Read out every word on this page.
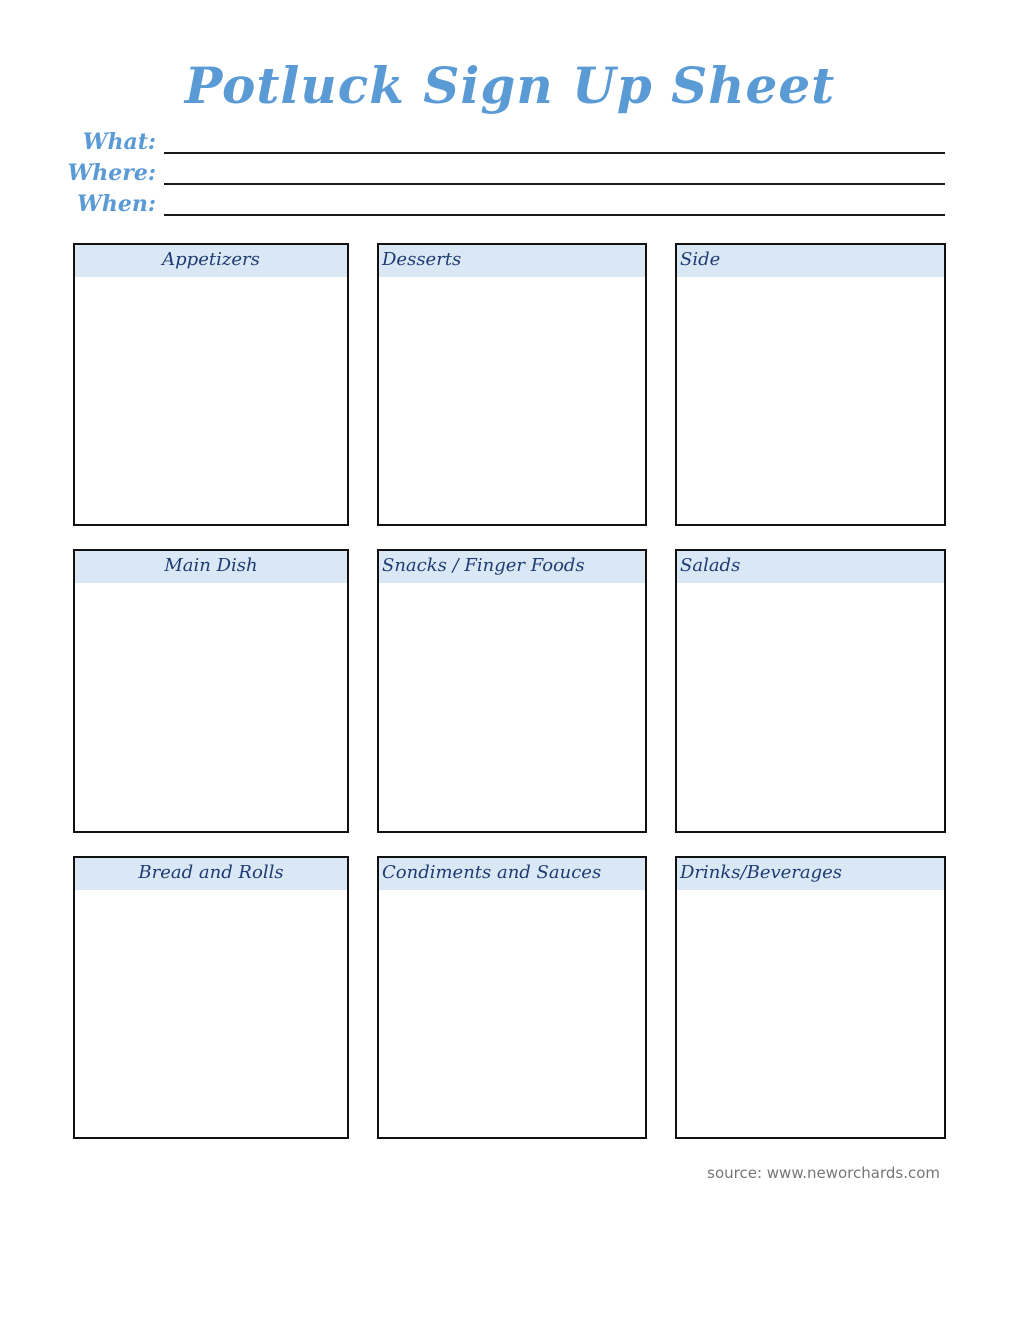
Potluck Sign Up Sheet
What:
Where:
When:
Appetizers	Desserts	Side
Main Dish	Snacks / Finger Foods	Salads
Bread and Rolls	Condiments and Sauces	Drinks/Beverages
source: www.neworchards.com
